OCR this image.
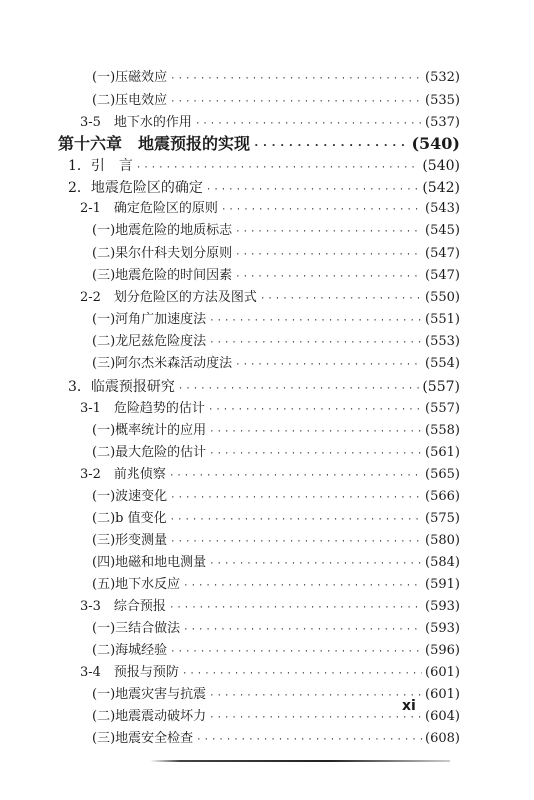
(一)压磁效应 ·····	(532)
(二)压电效应 ·····	(535)
3-5　地下水的作用 ·····	(537)
第十六章　地震预报的实现 ·····	(540)
1．引　言 ·····	(540)
2．地震危险区的确定 ·····	(542)
2-1　确定危险区的原则 ·····	(543)
(一)地震危险的地质标志 ·····	(545)
(二)果尔什科夫划分原则 ·····	(547)
(三)地震危险的时间因素 ·····	(547)
2-2　划分危险区的方法及图式 ·····	(550)
(一)河角广加速度法 ·····	(551)
(二)龙尼兹危险度法 ·····	(553)
(三)阿尔杰米森活动度法 ·····	(554)
3．临震预报研究 ·····	(557)
3-1　危险趋势的估计 ·····	(557)
(一)概率统计的应用 ·····	(558)
(二)最大危险的估计 ·····	(561)
3-2　前兆侦察 ·····	(565)
(一)波速变化 ·····	(566)
(二)b 值变化 ·····	(575)
(三)形变测量 ·····	(580)
(四)地磁和地电测量 ·····	(584)
(五)地下水反应 ·····	(591)
3-3　综合预报 ·····	(593)
(一)三结合做法 ·····	(593)
(二)海城经验 ·····	(596)
3-4　预报与预防 ·····	(601)
(一)地震灾害与抗震 ·····	(601)
(二)地震震动破坏力 ·····	(604)
(三)地震安全检查 ·····	(608)
xi
